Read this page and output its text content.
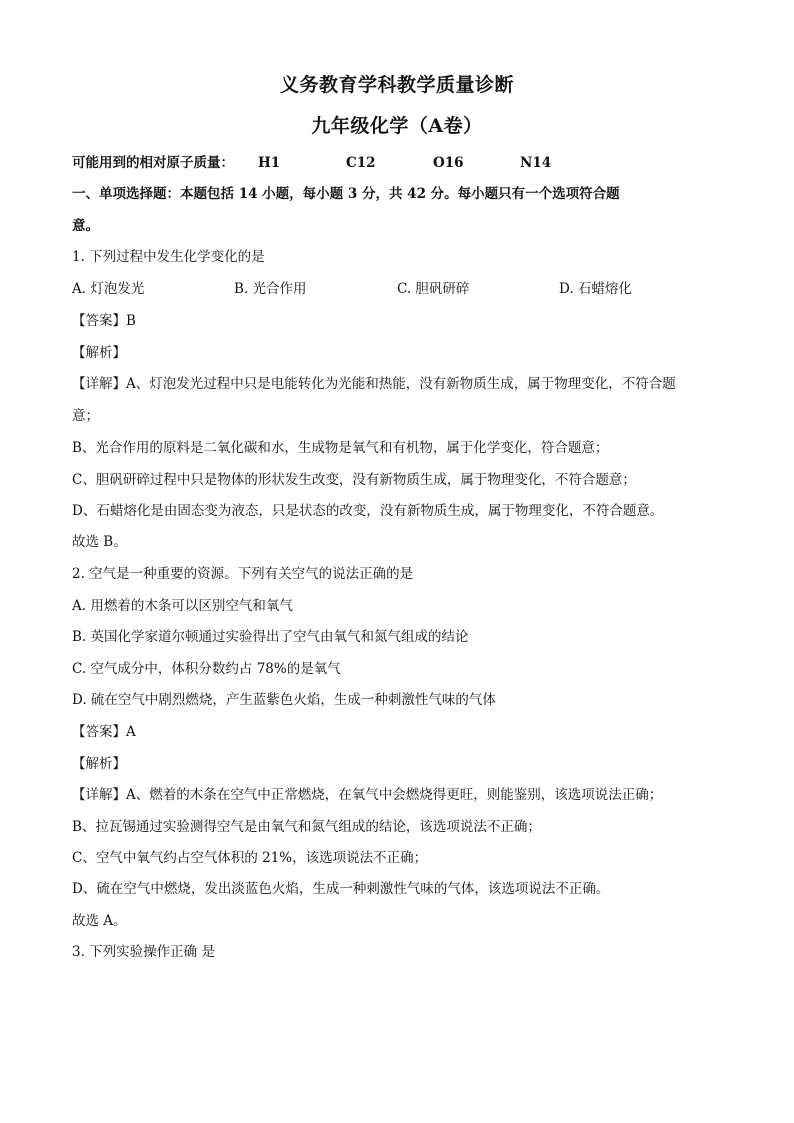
义务教育学科教学质量诊断
九年级化学（A卷）
可能用到的相对原子质量： H1	C12	O16	N14
一、单项选择题：本题包括 14 小题，每小题 3 分，共 42 分。每小题只有一个选项符合题
意。
1. 下列过程中发生化学变化的是
A. 灯泡发光	B. 光合作用	C. 胆矾研碎	D. 石蜡熔化
【答案】B
【解析】
【详解】A、灯泡发光过程中只是电能转化为光能和热能，没有新物质生成，属于物理变化，不符合题
意；
B、光合作用的原料是二氧化碳和水，生成物是氧气和有机物，属于化学变化，符合题意；
C、胆矾研碎过程中只是物体的形状发生改变，没有新物质生成，属于物理变化，不符合题意；
D、石蜡熔化是由固态变为液态，只是状态的改变，没有新物质生成，属于物理变化，不符合题意。
故选 B。
2. 空气是一种重要的资源。下列有关空气的说法正确的是
A. 用燃着的木条可以区别空气和氧气
B. 英国化学家道尔顿通过实验得出了空气由氧气和氮气组成的结论
C. 空气成分中，体积分数约占 78%的是氧气
D. 硫在空气中剧烈燃烧，产生蓝紫色火焰，生成一种刺激性气味的气体
【答案】A
【解析】
【详解】A、燃着的木条在空气中正常燃烧，在氧气中会燃烧得更旺，则能鉴别，该选项说法正确；
B、拉瓦锡通过实验测得空气是由氧气和氮气组成的结论，该选项说法不正确；
C、空气中氧气约占空气体积的 21%，该选项说法不正确；
D、硫在空气中燃烧，发出淡蓝色火焰，生成一种刺激性气味的气体，该选项说法不正确。
故选 A。
3. 下列实验操作正确 是
